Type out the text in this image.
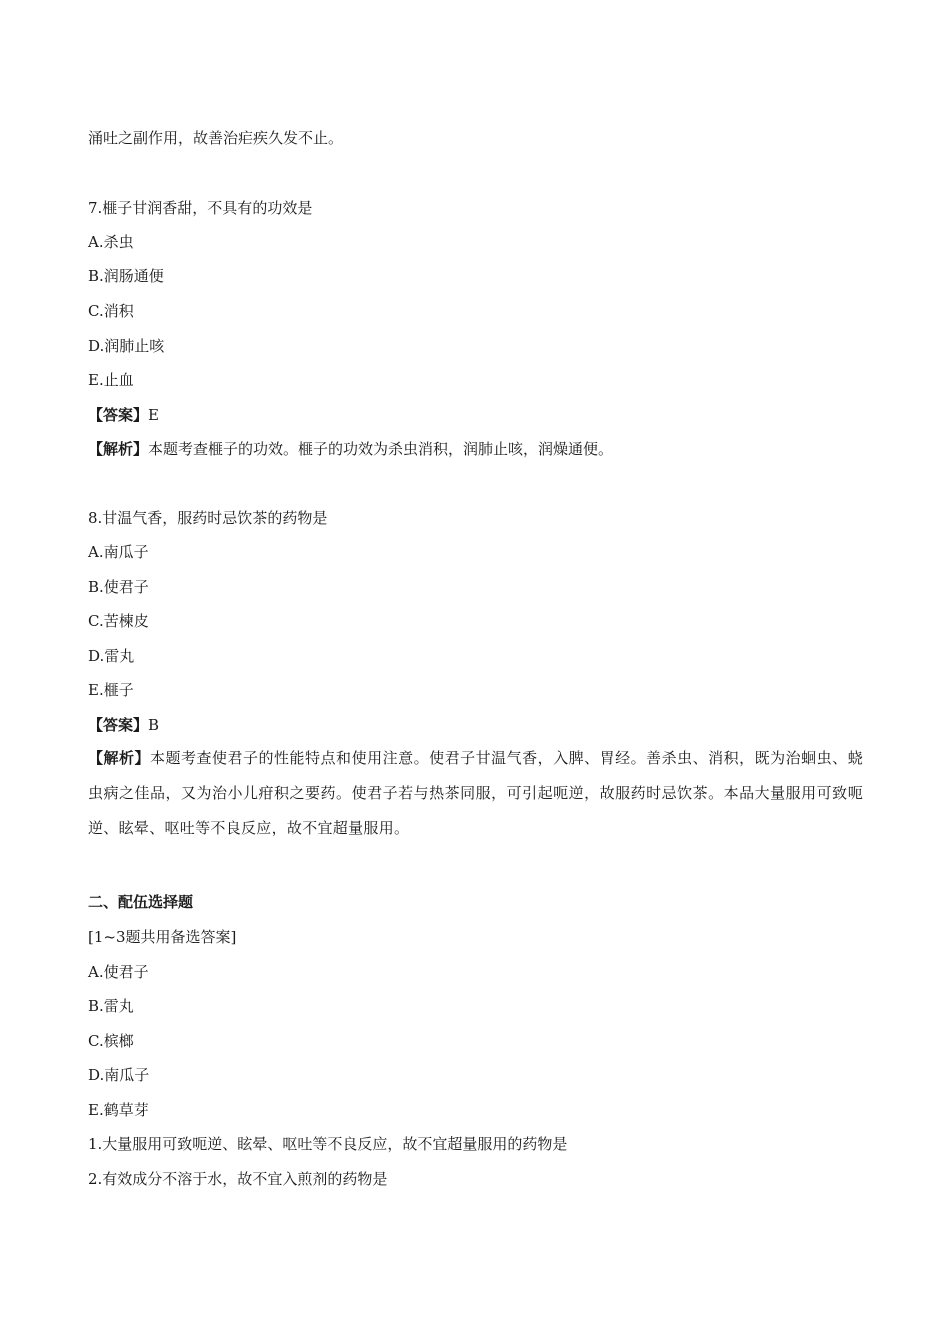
涌吐之副作用，故善治疟疾久发不止。
7.榧子甘润香甜，不具有的功效是
A.杀虫
B.润肠通便
C.消积
D.润肺止咳
E.止血
【答案】E
【解析】本题考查榧子的功效。榧子的功效为杀虫消积，润肺止咳，润燥通便。
8.甘温气香，服药时忌饮茶的药物是
A.南瓜子
B.使君子
C.苦楝皮
D.雷丸
E.榧子
【答案】B
【解析】本题考查使君子的性能特点和使用注意。使君子甘温气香，入脾、胃经。善杀虫、消积，既为治蛔虫、蛲虫病之佳品，又为治小儿疳积之要药。使君子若与热茶同服，可引起呃逆，故服药时忌饮茶。本品大量服用可致呃逆、眩晕、呕吐等不良反应，故不宜超量服用。
二、配伍选择题
[1~3题共用备选答案]
A.使君子
B.雷丸
C.槟榔
D.南瓜子
E.鹤草芽
1.大量服用可致呃逆、眩晕、呕吐等不良反应，故不宜超量服用的药物是
2.有效成分不溶于水，故不宜入煎剂的药物是
